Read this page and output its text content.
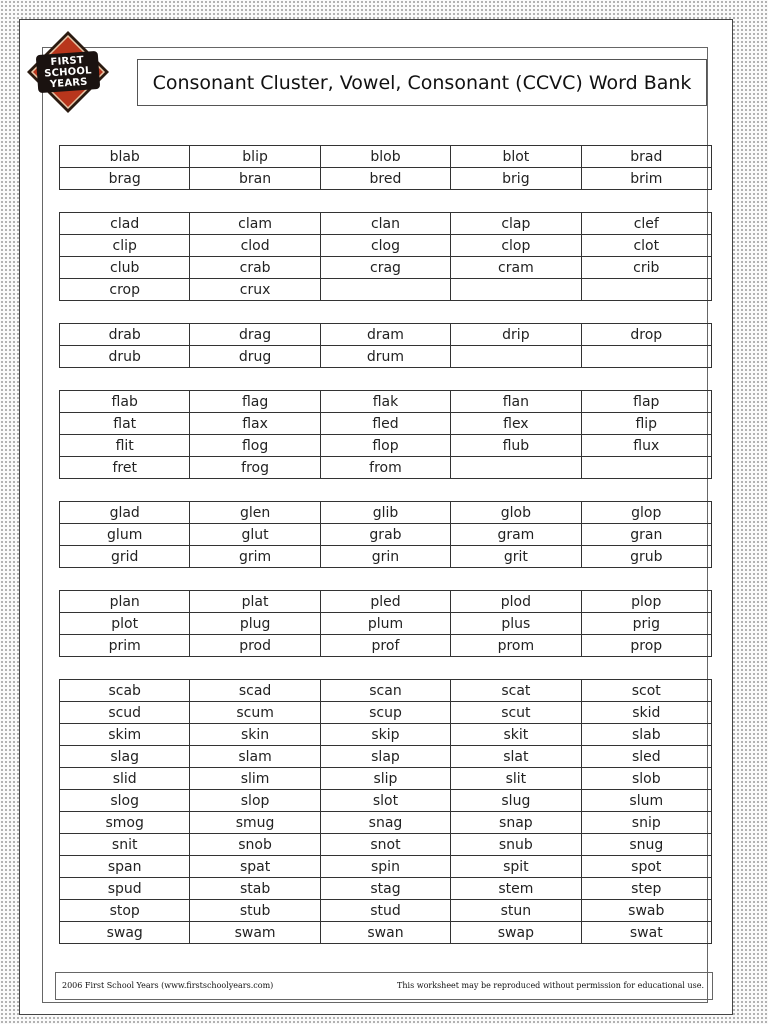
FIRST
SCHOOL
YEARS	Consonant Cluster, Vowel, Consonant (CCVC) Word Bank
blab	blip	blob	blot	brad
brag	bran	bred	brig	brim
clad	clam	clan	clap	clef
clip	clod	clog	clop	clot
club	crab	crag	cram	crib
crop	crux			
drab	drag	dram	drip	drop
drub	drug	drum		
flab	flag	flak	flan	flap
flat	flax	fled	flex	flip
flit	flog	flop	flub	flux
fret	frog	from		
glad	glen	glib	glob	glop
glum	glut	grab	gram	gran
grid	grim	grin	grit	grub
plan	plat	pled	plod	plop
plot	plug	plum	plus	prig
prim	prod	prof	prom	prop
scab	scad	scan	scat	scot
scud	scum	scup	scut	skid
skim	skin	skip	skit	slab
slag	slam	slap	slat	sled
slid	slim	slip	slit	slob
slog	slop	slot	slug	slum
smog	smug	snag	snap	snip
snit	snob	snot	snub	snug
span	spat	spin	spit	spot
spud	stab	stag	stem	step
stop	stub	stud	stun	swab
swag	swam	swan	swap	swat
2006 First School Years (www.firstschoolyears.com)	This worksheet may be reproduced without permission for educational use.
